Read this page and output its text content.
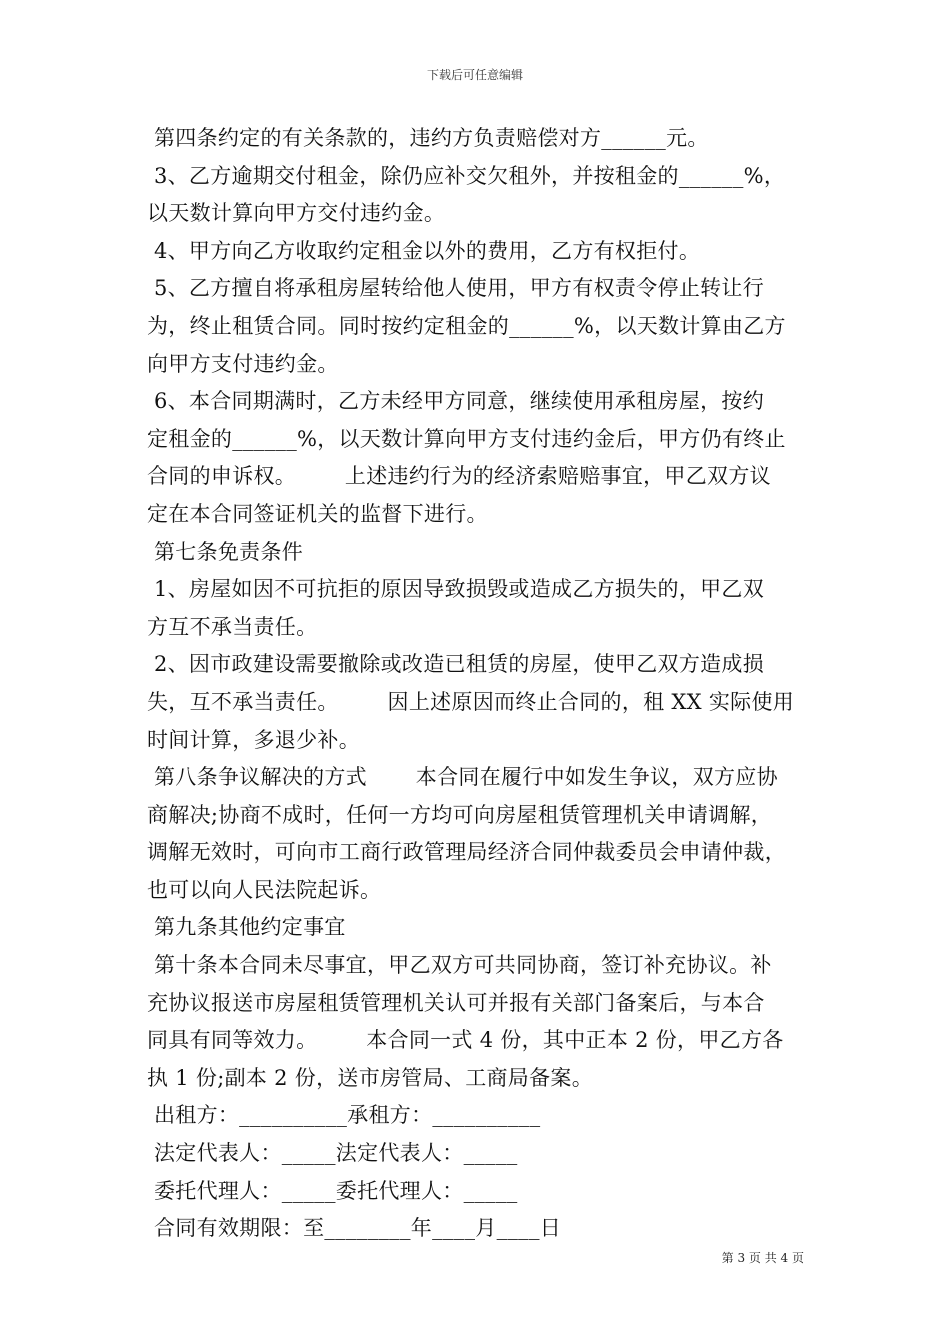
下载后可任意编辑
第四条约定的有关条款的，违约方负责赔偿对方______元。
3、乙方逾期交付租金，除仍应补交欠租外，并按租金的______%，
以天数计算向甲方交付违约金。
4、甲方向乙方收取约定租金以外的费用，乙方有权拒付。
5、乙方擅自将承租房屋转给他人使用，甲方有权责令停止转让行
为，终止租赁合同。同时按约定租金的______%，以天数计算由乙方
向甲方支付违约金。
6、本合同期满时，乙方未经甲方同意，继续使用承租房屋，按约
定租金的______%，以天数计算向甲方支付违约金后，甲方仍有终止
合同的申诉权。       上述违约行为的经济索赔赔事宜，甲乙双方议
定在本合同签证机关的监督下进行。
第七条免责条件
1、房屋如因不可抗拒的原因导致损毁或造成乙方损失的，甲乙双
方互不承当责任。
2、因市政建设需要撤除或改造已租赁的房屋，使甲乙双方造成损
失，互不承当责任。       因上述原因而终止合同的，租 XX 实际使用
时间计算，多退少补。
第八条争议解决的方式       本合同在履行中如发生争议，双方应协
商解决;协商不成时，任何一方均可向房屋租赁管理机关申请调解，
调解无效时，可向市工商行政管理局经济合同仲裁委员会申请仲裁，
也可以向人民法院起诉。
第九条其他约定事宜
第十条本合同未尽事宜，甲乙双方可共同协商，签订补充协议。补
充协议报送市房屋租赁管理机关认可并报有关部门备案后，与本合
同具有同等效力。       本合同一式 4 份，其中正本 2 份，甲乙方各
执 1 份;副本 2 份，送市房管局、工商局备案。
出租方：__________承租方：__________
法定代表人：_____法定代表人：_____
委托代理人：_____委托代理人：_____
合同有效期限：至________年____月____日
第 3 页 共 4 页
